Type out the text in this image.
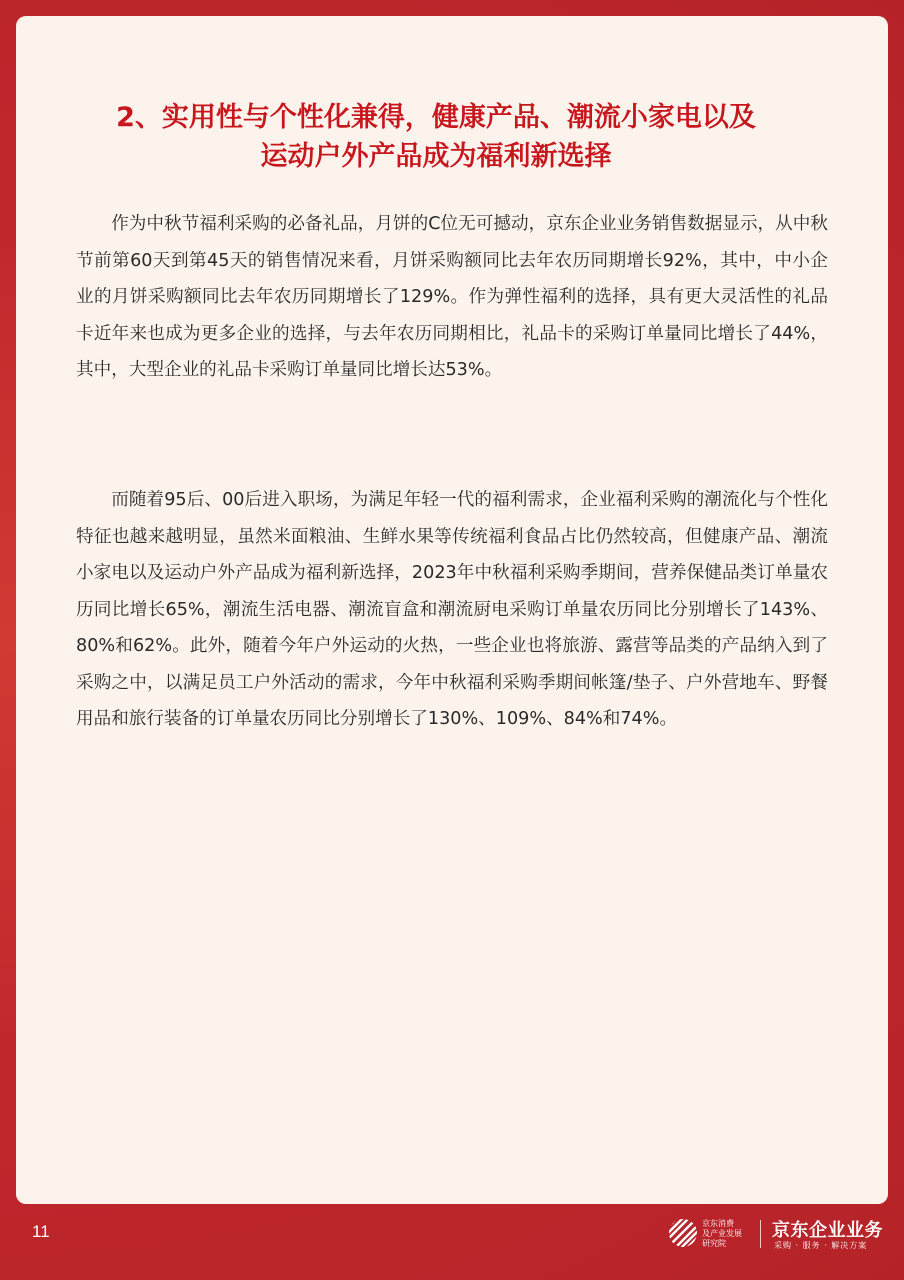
2、实用性与个性化兼得，健康产品、潮流小家电以及
运动户外产品成为福利新选择

作为中秋节福利采购的必备礼品，月饼的C位无可撼动，京东企业业务销售数据显示，从中秋节前第60天到第45天的销售情况来看，月饼采购额同比去年农历同期增长92%，其中，中小企业的月饼采购额同比去年农历同期增长了129%。作为弹性福利的选择，具有更大灵活性的礼品卡近年来也成为更多企业的选择，与去年农历同期相比，礼品卡的采购订单量同比增长了44%，其中，大型企业的礼品卡采购订单量同比增长达53%。

而随着95后、00后进入职场，为满足年轻一代的福利需求，企业福利采购的潮流化与个性化特征也越来越明显，虽然米面粮油、生鲜水果等传统福利食品占比仍然较高，但健康产品、潮流小家电以及运动户外产品成为福利新选择，2023年中秋福利采购季期间，营养保健品类订单量农历同比增长65%，潮流生活电器、潮流盲盒和潮流厨电采购订单量农历同比分别增长了143%、80%和62%。此外，随着今年户外运动的火热，一些企业也将旅游、露营等品类的产品纳入到了采购之中，以满足员工户外活动的需求，今年中秋福利采购季期间帐篷/垫子、户外营地车、野餐用品和旅行装备的订单量农历同比分别增长了130%、109%、84%和74%。

11	京东消费
及产业发展
研究院
京东企业业务
采购 · 服务 · 解决方案
